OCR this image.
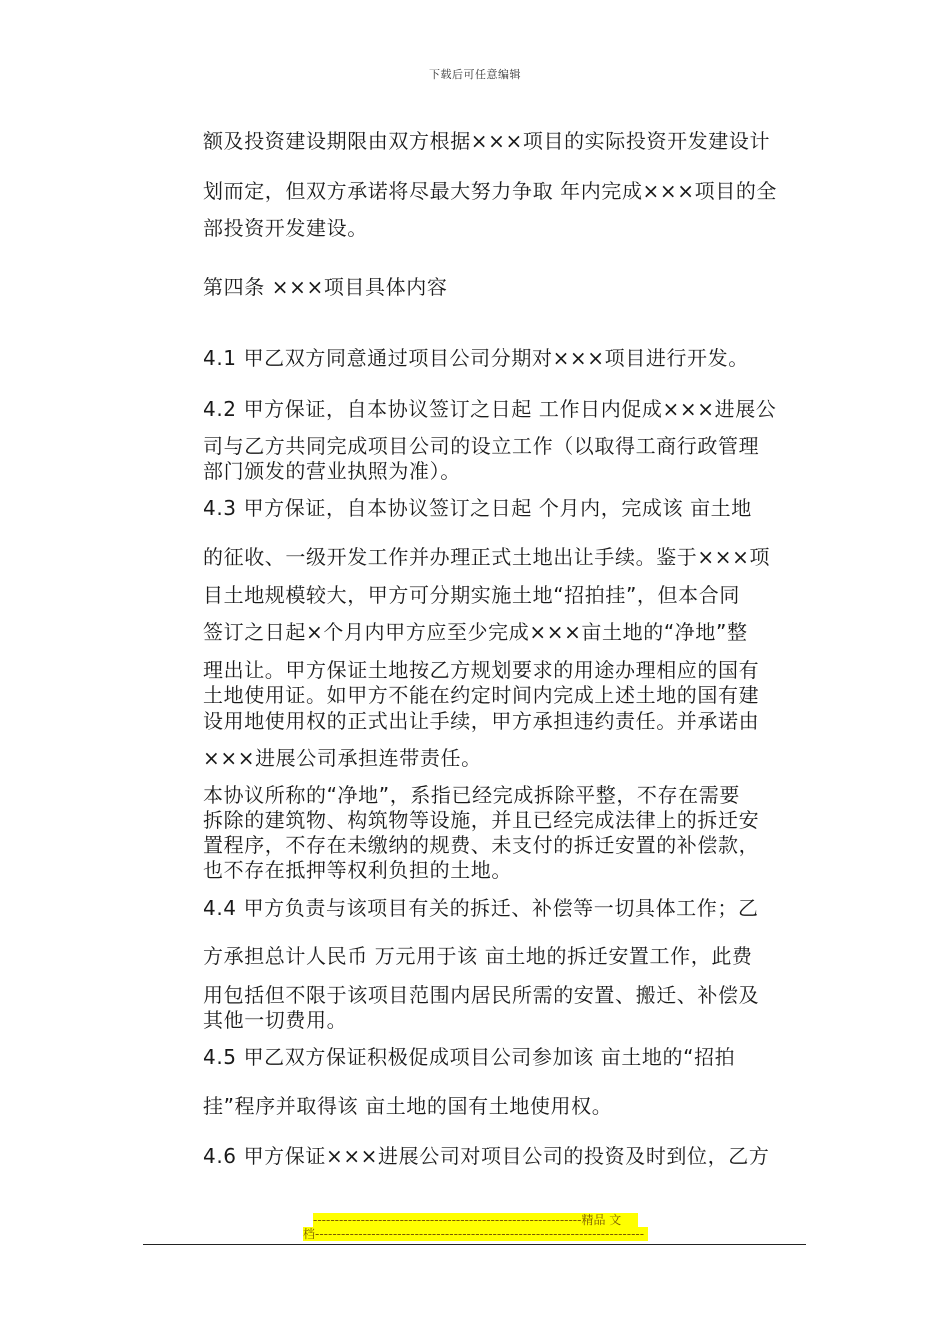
下载后可任意编辑
额及投资建设期限由双方根据×××项目的实际投资开发建设计
划而定，但双方承诺将尽最大努力争取 年内完成×××项目的全
部投资开发建设。
第四条 ×××项目具体内容
4.1 甲乙双方同意通过项目公司分期对×××项目进行开发。
4.2 甲方保证，自本协议签订之日起 工作日内促成×××进展公
司与乙方共同完成项目公司的设立工作（以取得工商行政管理
部门颁发的营业执照为准）。
4.3 甲方保证，自本协议签订之日起 个月内，完成该 亩土地
的征收、一级开发工作并办理正式土地出让手续。鉴于×××项
目土地规模较大，甲方可分期实施土地“招拍挂”，但本合同
签订之日起×个月内甲方应至少完成×××亩土地的“净地”整
理出让。甲方保证土地按乙方规划要求的用途办理相应的国有
土地使用证。如甲方不能在约定时间内完成上述土地的国有建
设用地使用权的正式出让手续，甲方承担违约责任。并承诺由
×××进展公司承担连带责任。
本协议所称的“净地”，系指已经完成拆除平整，不存在需要
拆除的建筑物、构筑物等设施，并且已经完成法律上的拆迁安
置程序，不存在未缴纳的规费、未支付的拆迁安置的补偿款，
也不存在抵押等权利负担的土地。
4.4 甲方负责与该项目有关的拆迁、补偿等一切具体工作；乙
方承担总计人民币 万元用于该 亩土地的拆迁安置工作，此费
用包括但不限于该项目范围内居民所需的安置、搬迁、补偿及
其他一切费用。
4.5 甲乙双方保证积极促成项目公司参加该 亩土地的“招拍
挂”程序并取得该 亩土地的国有土地使用权。
4.6 甲方保证×××进展公司对项目公司的投资及时到位，乙方
--------------------------------------------------------------精品 文
档----------------------------------------------------------------------------
